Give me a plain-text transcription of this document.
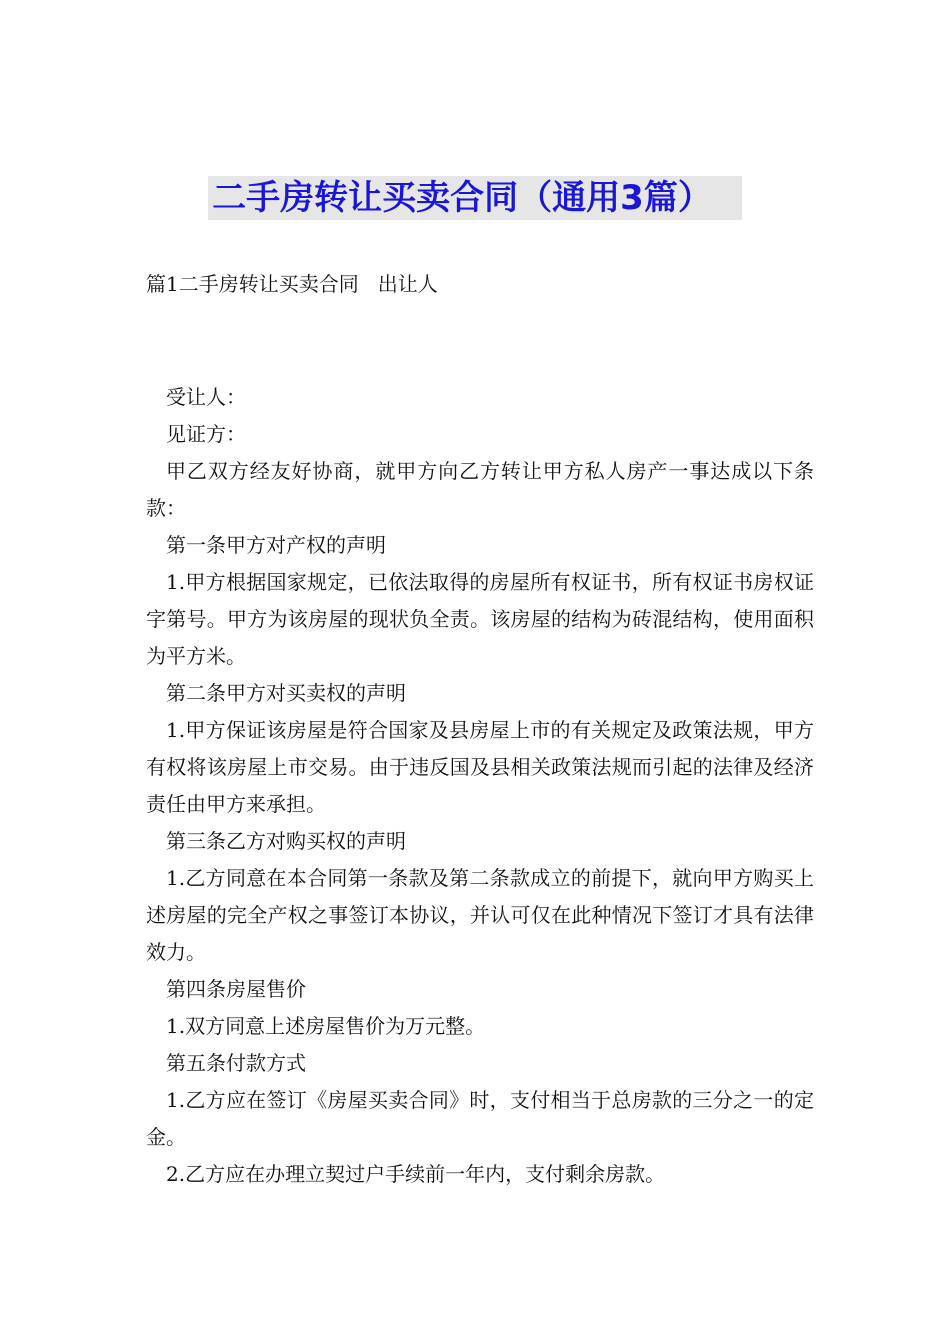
二手房转让买卖合同（通用3篇）
篇1二手房转让买卖合同   出让人

受让人：

见证方：

甲乙双方经友好协商，就甲方向乙方转让甲方私人房产一事达成以下条款：

第一条甲方对产权的声明

1.甲方根据国家规定，已依法取得的房屋所有权证书，所有权证书房权证字第号。甲方为该房屋的现状负全责。该房屋的结构为砖混结构，使用面积为平方米。

第二条甲方对买卖权的声明

1.甲方保证该房屋是符合国家及县房屋上市的有关规定及政策法规，甲方有权将该房屋上市交易。由于违反国及县相关政策法规而引起的法律及经济责任由甲方来承担。

第三条乙方对购买权的声明

1.乙方同意在本合同第一条款及第二条款成立的前提下，就向甲方购买上述房屋的完全产权之事签订本协议，并认可仅在此种情况下签订才具有法律效力。

第四条房屋售价

1.双方同意上述房屋售价为万元整。

第五条付款方式

1.乙方应在签订《房屋买卖合同》时，支付相当于总房款的三分之一的定金。

2.乙方应在办理立契过户手续前一年内，支付剩余房款。
